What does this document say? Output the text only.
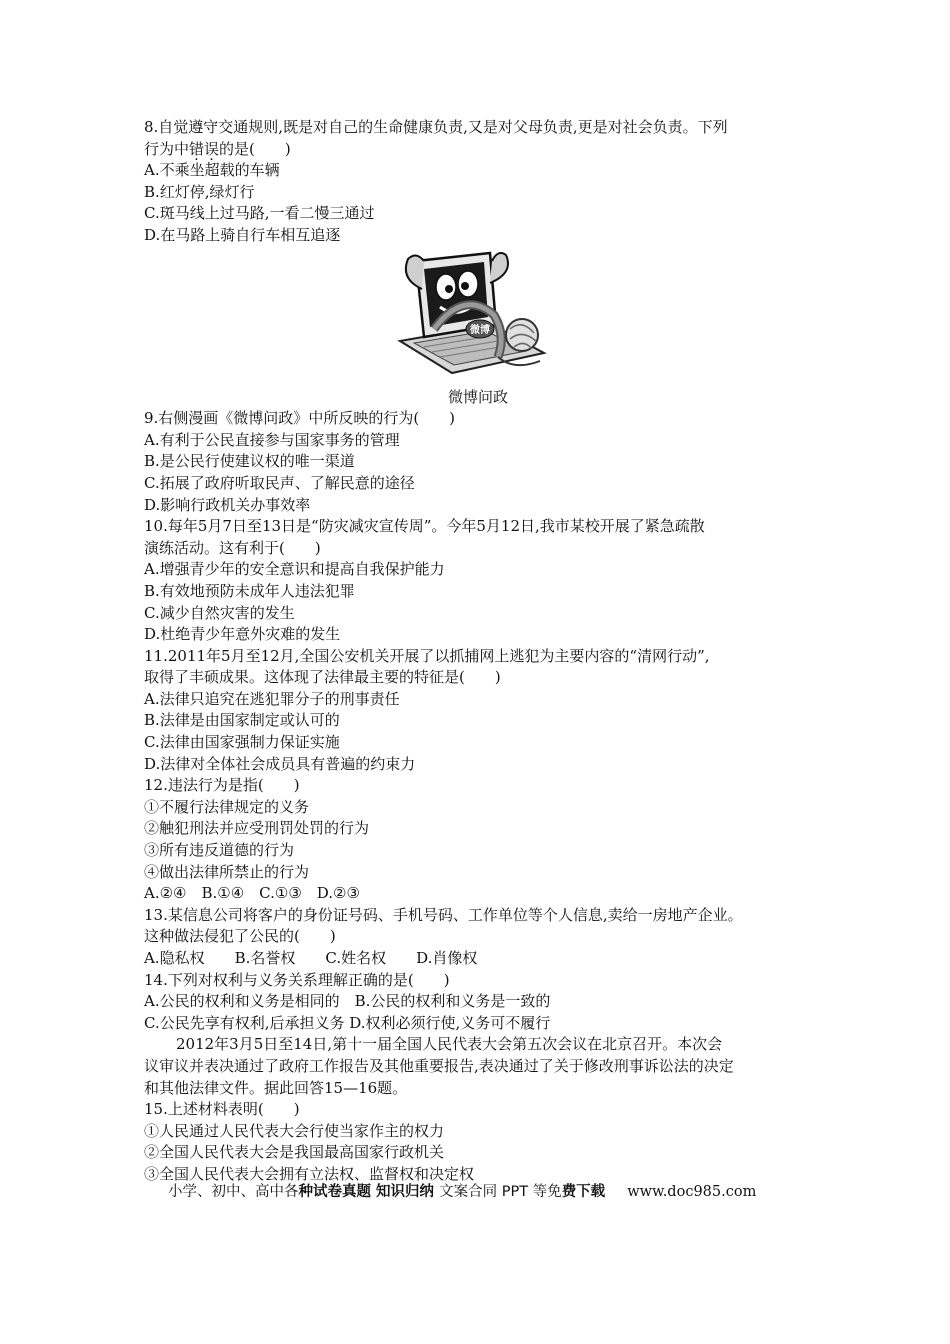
8.自觉遵守交通规则,既是对自己的生命健康负责,又是对父母负责,更是对社会负责。下列
行为中错误的是(　　)
A.不乘坐超载的车辆
B.红灯停,绿灯行
C.斑马线上过马路,一看二慢三通过
D.在马路上骑自行车相互追逐
微博
微博问政
9.右侧漫画《微博问政》中所反映的行为(　　)
A.有利于公民直接参与国家事务的管理
B.是公民行使建议权的唯一渠道
C.拓展了政府听取民声、了解民意的途径
D.影响行政机关办事效率
10.每年5月7日至13日是“防灾减灾宣传周”。今年5月12日,我市某校开展了紧急疏散
演练活动。这有利于(　　)
A.增强青少年的安全意识和提高自我保护能力
B.有效地预防未成年人违法犯罪
C.减少自然灾害的发生
D.杜绝青少年意外灾难的发生
11.2011年5月至12月,全国公安机关开展了以抓捕网上逃犯为主要内容的“清网行动”,
取得了丰硕成果。这体现了法律最主要的特征是(　　)
A.法律只追究在逃犯罪分子的刑事责任
B.法律是由国家制定或认可的
C.法律由国家强制力保证实施
D.法律对全体社会成员具有普遍的约束力
12.违法行为是指(　　)
①不履行法律规定的义务
②触犯刑法并应受刑罚处罚的行为
③所有违反道德的行为
④做出法律所禁止的行为
A.②④　B.①④　C.①③　D.②③
13.某信息公司将客户的身份证号码、手机号码、工作单位等个人信息,卖给一房地产企业。
这种做法侵犯了公民的(　　)
A.隐私权　　B.名誉权　　C.姓名权　　D.肖像权
14.下列对权利与义务关系理解正确的是(　　)
A.公民的权利和义务是相同的　B.公民的权利和义务是一致的
C.公民先享有权利,后承担义务 D.权利必须行使,义务可不履行
2012年3月5日至14日,第十一届全国人民代表大会第五次会议在北京召开。本次会
议审议并表决通过了政府工作报告及其他重要报告,表决通过了关于修改刑事诉讼法的决定
和其他法律文件。据此回答15—16题。
15.上述材料表明(　　)
①人民通过人民代表大会行使当家作主的权力
②全国人民代表大会是我国最高国家行政机关
③全国人民代表大会拥有立法权、监督权和决定权
小学、初中、高中各种试卷真题 知识归纳 文案合同 PPT 等免费下载 www.doc985.com
